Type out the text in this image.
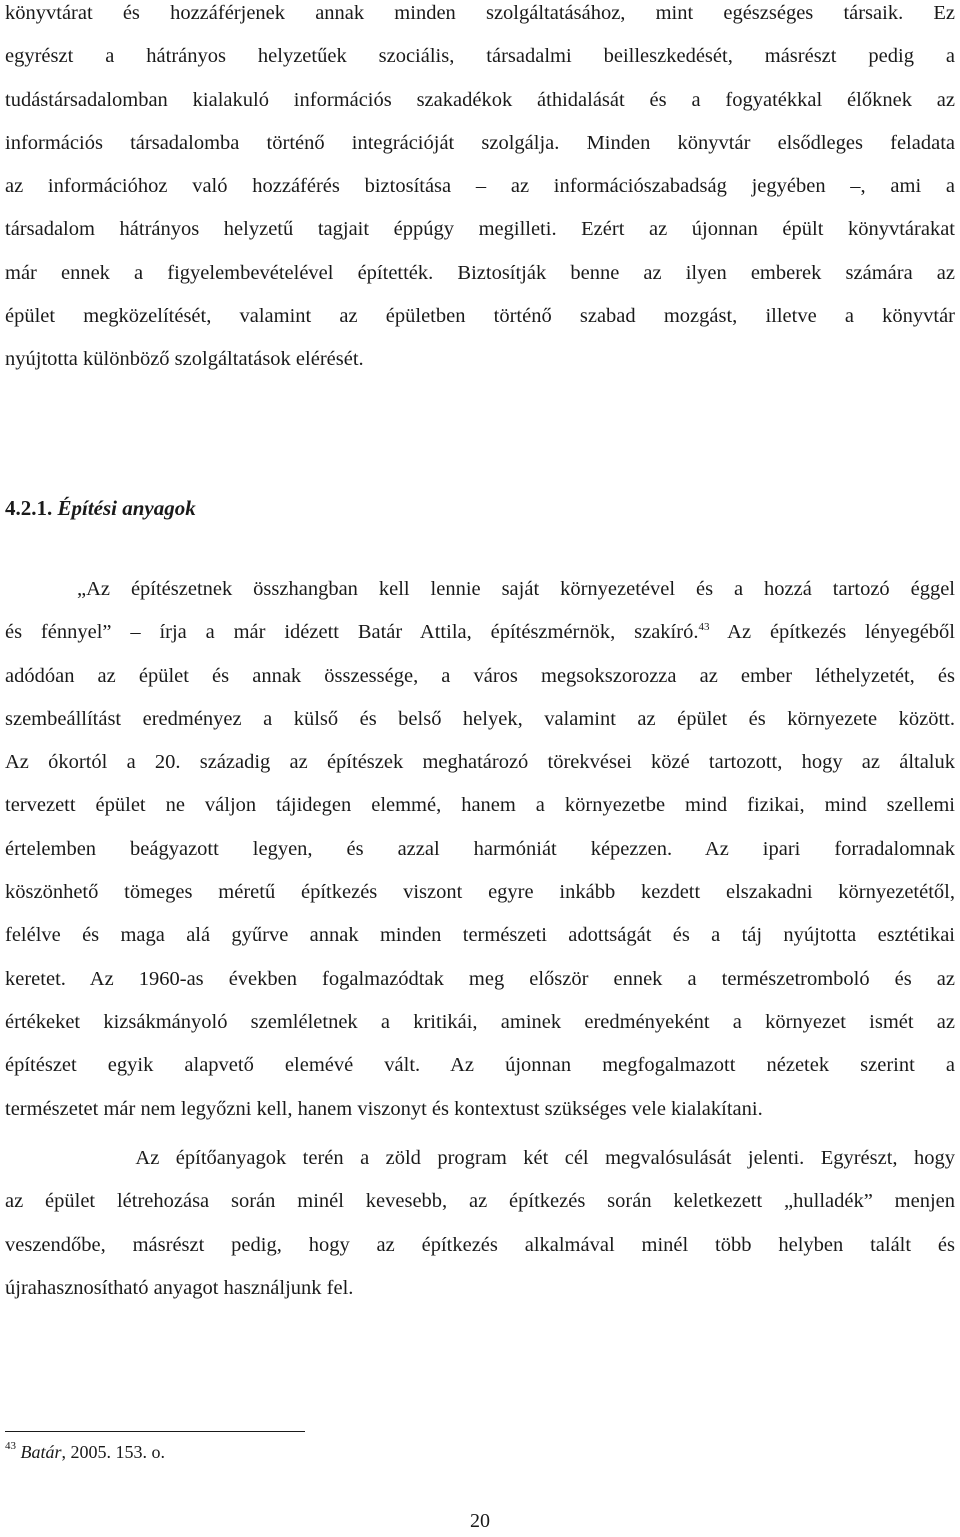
könyvtárat és hozzáférjenek annak minden szolgáltatásához, mint egészséges társaik. Ez
egyrészt a hátrányos helyzetűek szociális, társadalmi beilleszkedését, másrészt pedig a
tudástársadalomban kialakuló információs szakadékok áthidalását és a fogyatékkal élőknek az
információs társadalomba történő integrációját szolgálja. Minden könyvtár elsődleges feladata
az információhoz való hozzáférés biztosítása – az információszabadság jegyében –, ami a
társadalom hátrányos helyzetű tagjait éppúgy megilleti. Ezért az újonnan épült könyvtárakat
már ennek a figyelembevételével építették. Biztosítják benne az ilyen emberek számára az
épület megközelítését, valamint az épületben történő szabad mozgást, illetve a könyvtár
nyújtotta különböző szolgáltatások elérését.
4.2.1. Építési anyagok
„Az építészetnek összhangban kell lennie saját környezetével és a hozzá tartozó éggel
és fénnyel” – írja a már idézett Batár Attila, építészmérnök, szakíró.$^{43}$ Az építkezés lényegéből
adódóan az épület és annak összessége, a város megsokszorozza az ember léthelyzetét, és
szembeállítást eredményez a külső és belső helyek, valamint az épület és környezete között.
Az ókortól a 20. századig az építészek meghatározó törekvései közé tartozott, hogy az általuk
tervezett épület ne váljon tájidegen elemmé, hanem a környezetbe mind fizikai, mind szellemi
értelemben beágyazott legyen, és azzal harmóniát képezzen. Az ipari forradalomnak
köszönhető tömeges méretű építkezés viszont egyre inkább kezdett elszakadni környezetétől,
felélve és maga alá gyűrve annak minden természeti adottságát és a táj nyújtotta esztétikai
keretet. Az 1960-as években fogalmazódtak meg először ennek a természetromboló és az
értékeket kizsákmányoló szemléletnek a kritikái, aminek eredményeként a környezet ismét az
építészet egyik alapvető elemévé vált. Az újonnan megfogalmazott nézetek szerint a
természetet már nem legyőzni kell, hanem viszonyt és kontextust szükséges vele kialakítani.
Az építőanyagok terén a zöld program két cél megvalósulását jelenti. Egyrészt, hogy
az épület létrehozása során minél kevesebb, az építkezés során keletkezett „hulladék” menjen
veszendőbe, másrészt pedig, hogy az építkezés alkalmával minél több helyben talált és
újrahasznosítható anyagot használjunk fel.

$^{43}$ Batár, 2005. 153. o.

20
